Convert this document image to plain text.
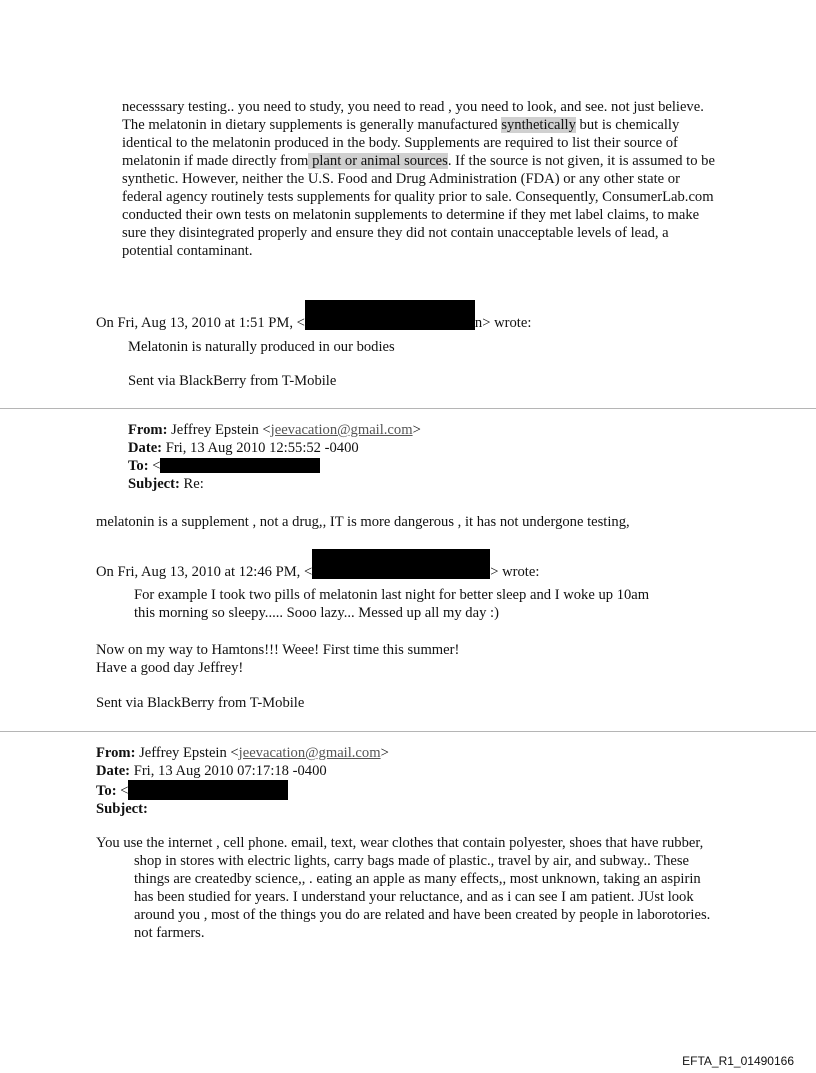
necesssary testing.. you need to study, you need to read , you need to look, and see. not just believe. The melatonin in dietary supplements is generally manufactured synthetically but is chemically identical to the melatonin produced in the body. Supplements are required to list their source of melatonin if made directly from plant or animal sources. If the source is not given, it is assumed to be synthetic. However, neither the U.S. Food and Drug Administration (FDA) or any other state or federal agency routinely tests supplements for quality prior to sale. Consequently, ConsumerLab.com conducted their own tests on melatonin supplements to determine if they met label claims, to make sure they disintegrated properly and ensure they did not contain unacceptable levels of lead, a potential contaminant.

On Fri, Aug 13, 2010 at 1:51 PM, <	n> wrote:

Melatonin is naturally produced in our bodies

Sent via BlackBerry from T-Mobile

From: Jeffrey Epstein <jeevacation@gmail.com>
Date: Fri, 13 Aug 2010 12:55:52 -0400
To: <
Subject: Re:

melatonin is a supplement , not a drug,, IT is more dangerous , it has not undergone testing,

On Fri, Aug 13, 2010 at 12:46 PM, <	> wrote:

For example I took two pills of melatonin last night for better sleep and I woke up 10am
this morning so sleepy..... Sooo lazy... Messed up all my day :)
Now on my way to Hamtons!!! Weee! First time this summer!
Have a good day Jeffrey!

Sent via BlackBerry from T-Mobile

From: Jeffrey Epstein <jeevacation@gmail.com>
Date: Fri, 13 Aug 2010 07:17:18 -0400
To: <
Subject:

You use the internet , cell phone. email, text, wear clothes that contain polyester, shoes that have rubber, shop in stores with electric lights, carry bags made of plastic., travel by air, and subway.. These things are createdby science,, . eating an apple as many effects,, most unknown, taking an aspirin has been studied for years. I understand your reluctance, and as i can see I am patient. JUst look around you , most of the things you do are related and have been created by people in laborotories. not farmers.

EFTA_R1_01490166
